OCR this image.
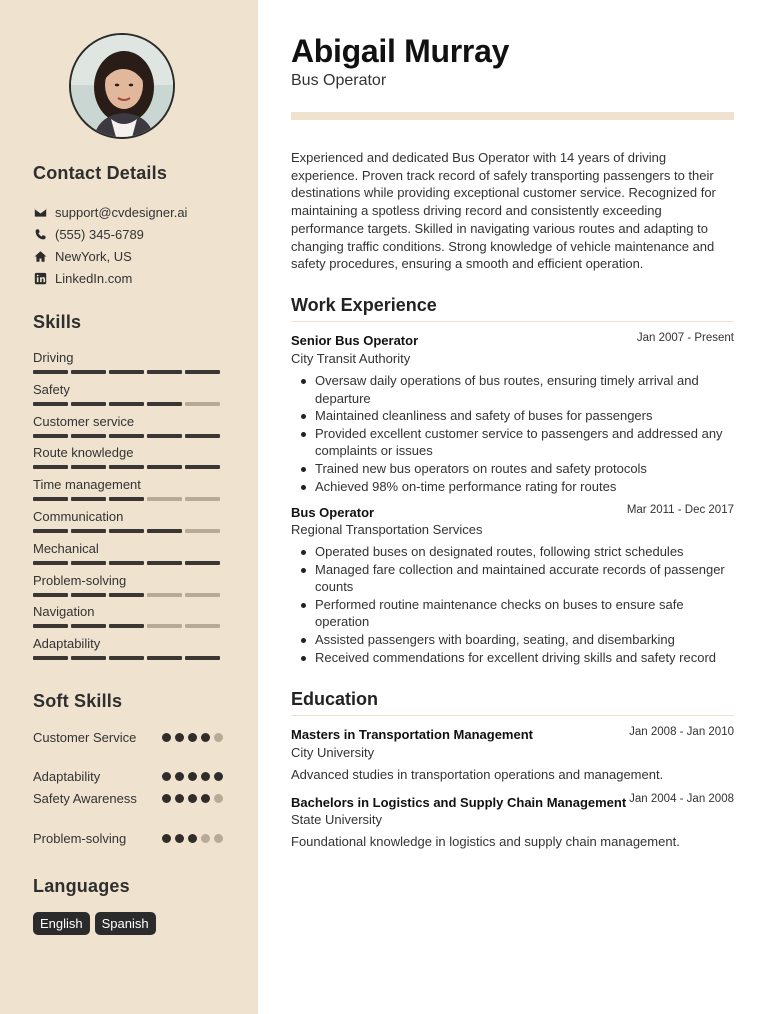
Contact Details
support@cvdesigner.ai
(555) 345-6789
NewYork, US
LinkedIn.com
Skills
Driving
Safety
Customer service
Route knowledge
Time management
Communication
Mechanical
Problem-solving
Navigation
Adaptability
Soft Skills
Customer Service
Adaptability
Safety Awareness
Problem-solving
Languages
English	Spanish
Abigail Murray
Bus Operator

Experienced and dedicated Bus Operator with 14 years of driving experience. Proven track record of safely transporting passengers to their destinations while providing exceptional customer service. Recognized for maintaining a spotless driving record and consistently exceeding performance targets. Skilled in navigating various routes and adapting to changing traffic conditions. Strong knowledge of vehicle maintenance and safety procedures, ensuring a smooth and efficient operation.

Work Experience
Senior Bus Operator	Jan 2007 - Present
City Transit Authority
Oversaw daily operations of bus routes, ensuring timely arrival and departure
Maintained cleanliness and safety of buses for passengers
Provided excellent customer service to passengers and addressed any complaints or issues
Trained new bus operators on routes and safety protocols
Achieved 98% on-time performance rating for routes
Bus Operator	Mar 2011 - Dec 2017
Regional Transportation Services
Operated buses on designated routes, following strict schedules
Managed fare collection and maintained accurate records of passenger counts
Performed routine maintenance checks on buses to ensure safe operation
Assisted passengers with boarding, seating, and disembarking
Received commendations for excellent driving skills and safety record
Education
Masters in Transportation Management	Jan 2008 - Jan 2010
City University
Advanced studies in transportation operations and management.
Bachelors in Logistics and Supply Chain Management Jan 2004 - Jan 2008
State University
Foundational knowledge in logistics and supply chain management.
